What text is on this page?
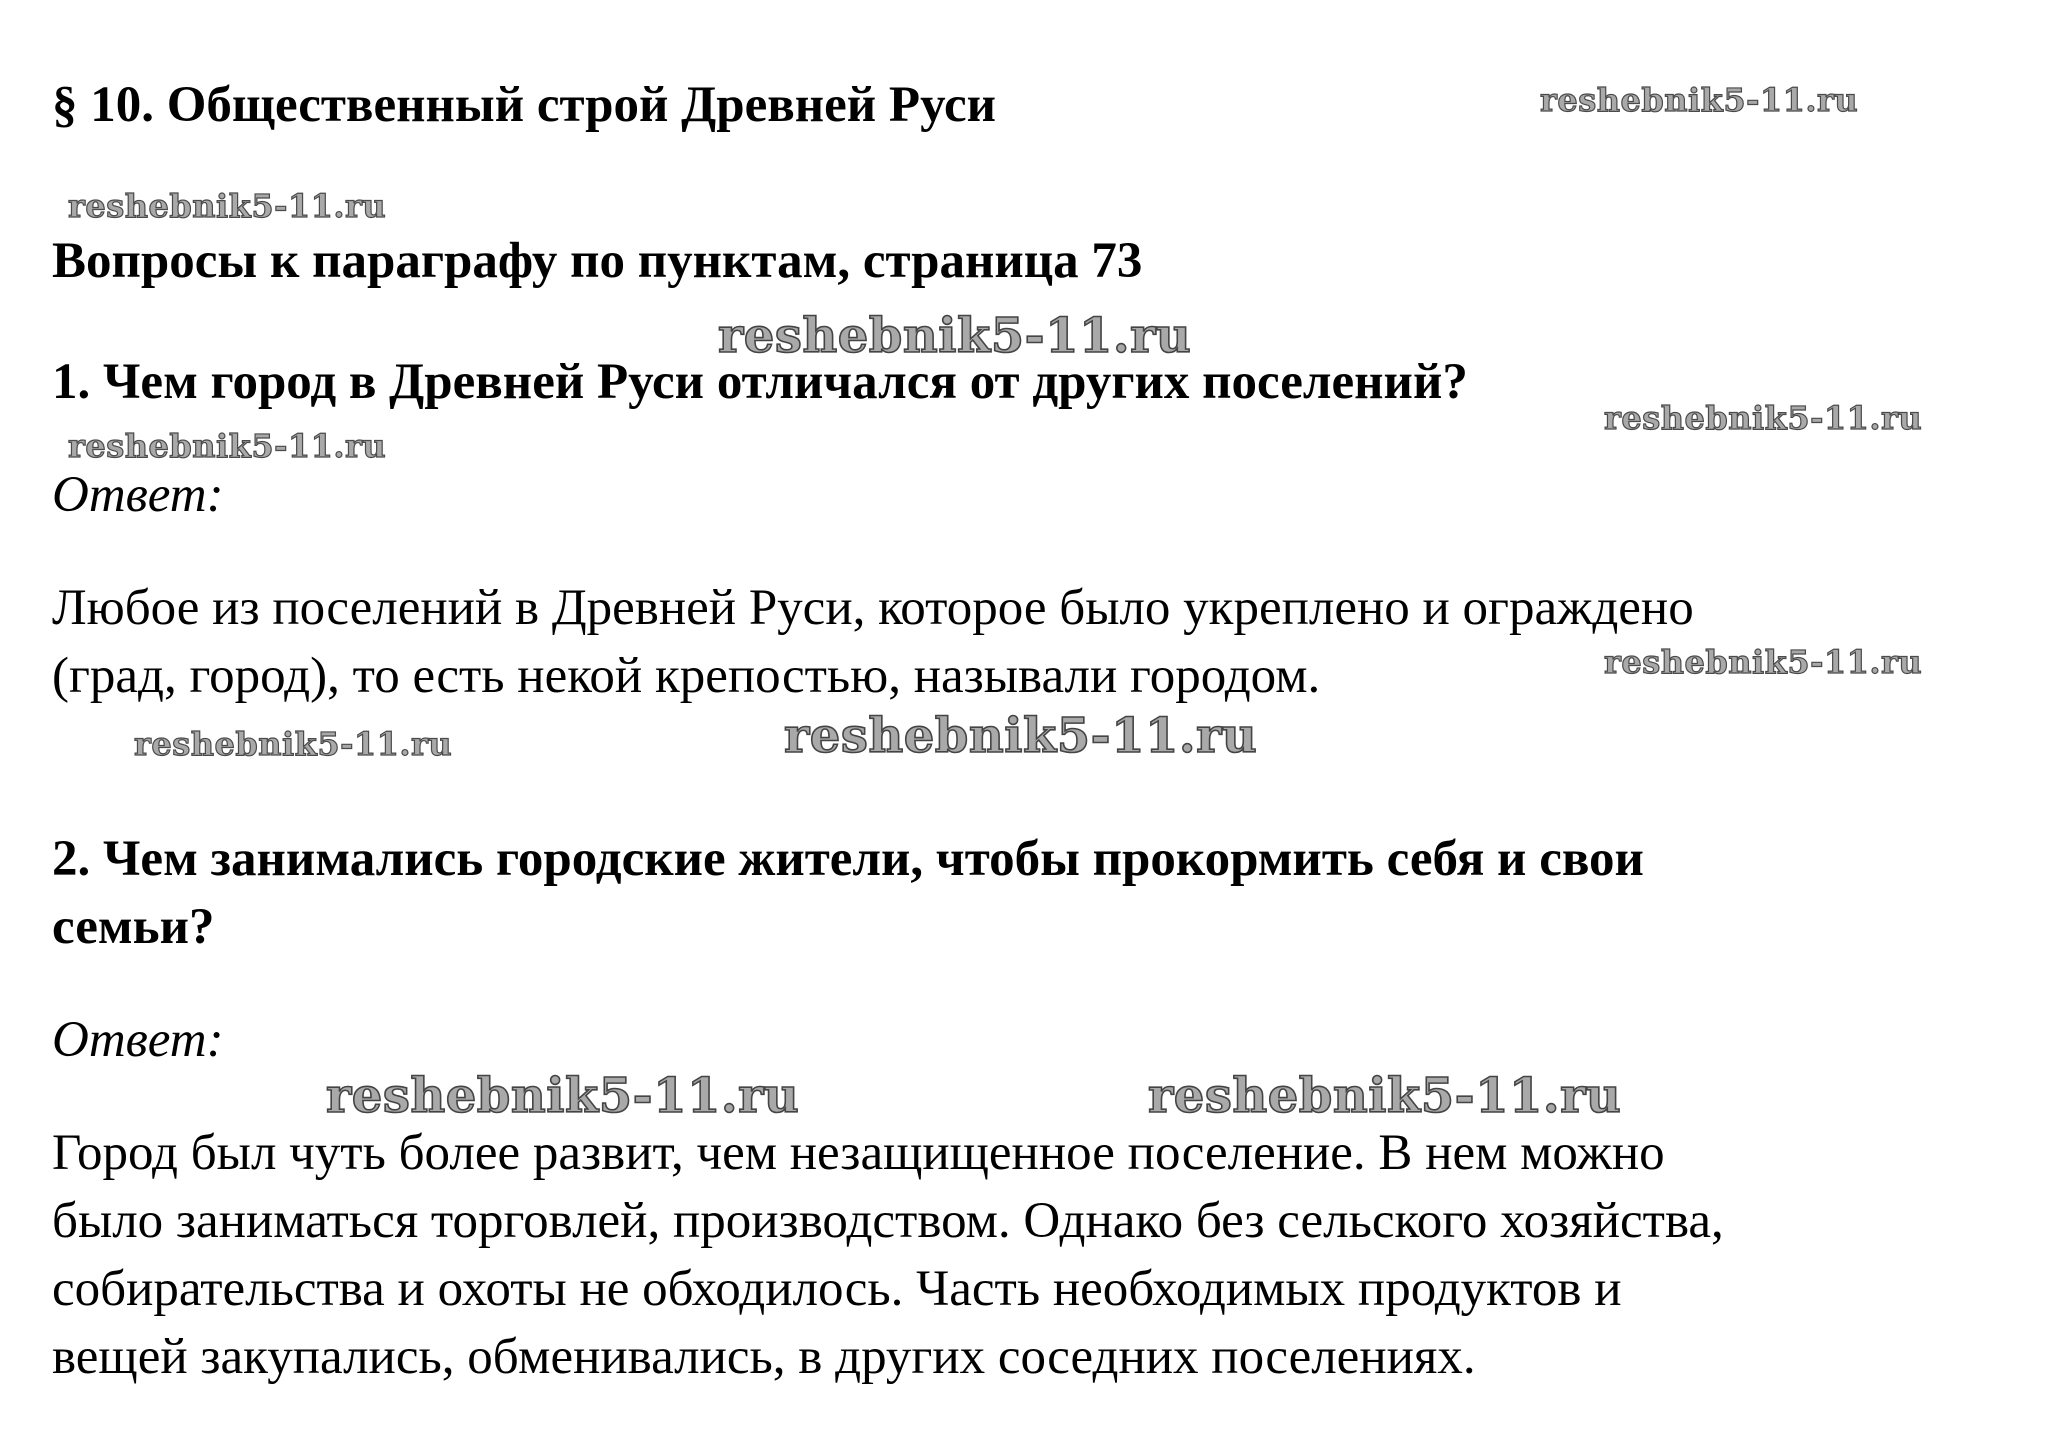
§ 10. Общественный строй Древней Руси
Вопросы к параграфу по пунктам, страница 73
1. Чем город в Древней Руси отличался от других поселений?
Ответ:
Любое из поселений в Древней Руси, которое было укреплено и ограждено
(град, город), то есть некой крепостью, называли городом.
2. Чем занимались городские жители, чтобы прокормить себя и свои
семьи?
Ответ:
Город был чуть более развит, чем незащищенное поселение. В нем можно
было заниматься торговлей, производством. Однако без сельского хозяйства,
собирательства и охоты не обходилось. Часть необходимых продуктов и
вещей закупались, обменивались, в других соседних поселениях.
reshebnik5-11.ru
reshebnik5-11.ru
reshebnik5-11.ru
reshebnik5-11.ru
reshebnik5-11.ru
reshebnik5-11.ru
reshebnik5-11.ru	reshebnik5-11.ru
reshebnik5-11.ru	reshebnik5-11.ru
